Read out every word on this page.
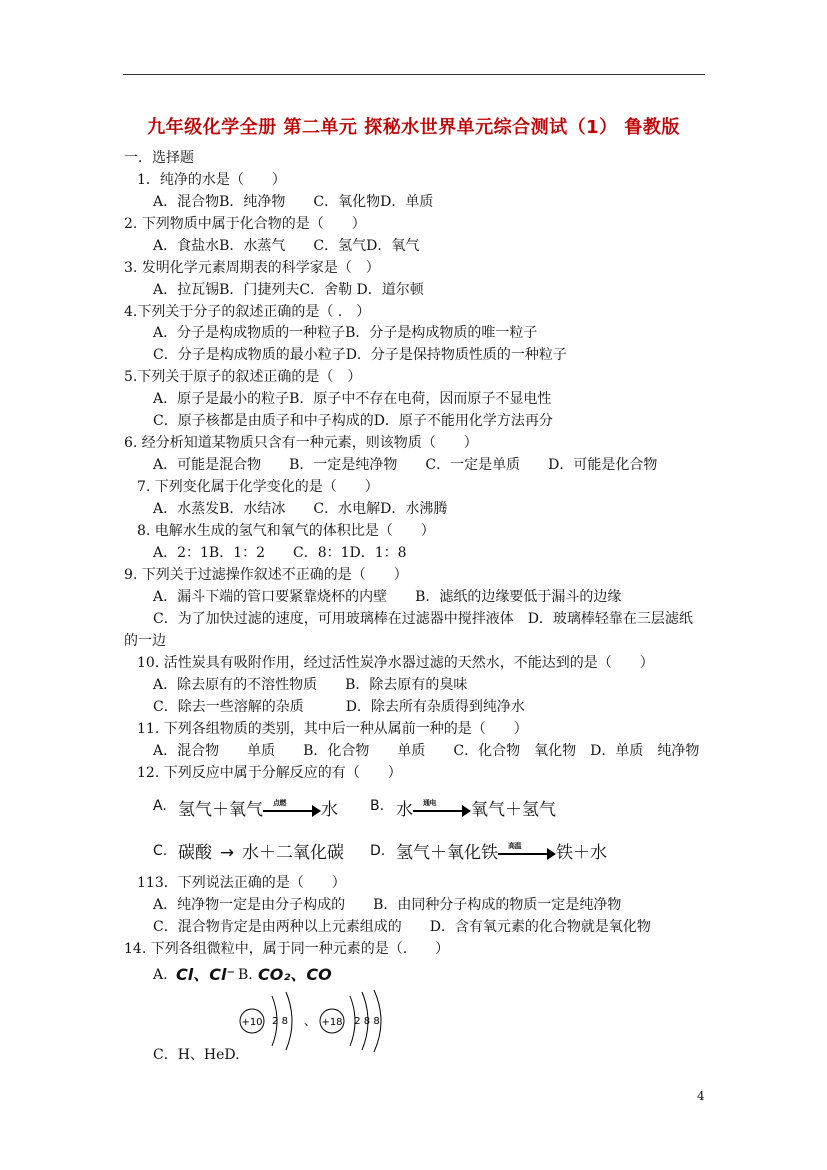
九年级化学全册 第二单元 探秘水世界单元综合测试（1） 鲁教版
一．选择题
1．纯净的水是（　　）
A．混合物B．纯净物　　C．氧化物D．单质
2. 下列物质中属于化合物的是（　　）
A．食盐水B．水蒸气　　C．氢气D．氧气
3. 发明化学元素周期表的科学家是（　）
A．拉瓦锡B．门捷列夫C．舍勒 D．道尔顿
4.下列关于分子的叙述正确的是（ .　）
A．分子是构成物质的一种粒子B．分子是构成物质的唯一粒子
C．分子是构成物质的最小粒子D．分子是保持物质性质的一种粒子
5.下列关于原子的叙述正确的是（　）
A．原子是最小的粒子B．原子中不存在电荷，因而原子不显电性
C．原子核都是由质子和中子构成的D．原子不能用化学方法再分
6. 经分析知道某物质只含有一种元素，则该物质（　　）
A．可能是混合物　　B．一定是纯净物　　C．一定是单质　　D．可能是化合物
7. 下列变化属于化学变化的是（　　）
A．水蒸发B．水结冰　　C．水电解D．水沸腾
8. 电解水生成的氢气和氧气的体积比是（　　）
A．2：1B．1：2　　C．8：1D．1：8
9. 下列关于过滤操作叙述不正确的是（　　）
A．漏斗下端的管口要紧靠烧杯的内壁　　B．滤纸的边缘要低于漏斗的边缘
C．为了加快过滤的速度，可用玻璃棒在过滤器中搅拌液体　D．玻璃棒轻靠在三层滤纸
的一边
10. 活性炭具有吸附作用，经过活性炭净水器过滤的天然水，不能达到的是（　　）
A．除去原有的不溶性物质　　B．除去原有的臭味
C．除去一些溶解的杂质　　　D．除去所有杂质得到纯净水
11. 下列各组物质的类别，其中后一种从属前一种的是（　　）
A．混合物　　单质　　B．化合物　　单质　　C．化合物　氧化物　D．单质　纯净物
12. 下列反应中属于分解反应的有（　　）
113．下列说法正确的是（　　）
A．纯净物一定是由分子构成的　　B．由同种分子构成的物质一定是纯净物
C．混合物肯定是由两种以上元素组成的　　D．含有氧元素的化合物就是氧化物
14. 下列各组微粒中，属于同一种元素的是（.　　）
C．H、HeD.
A. 氢气＋氧气 点燃 水 B. 水 通电 氧气＋氢气
C. 碳酸 → 水＋二氧化碳 D. 氢气＋氧化铁 高温 铁＋水
A. Cl、Cl⁻ B. CO₂、CO
+10 2 8 、 +18 2 8 8
4
